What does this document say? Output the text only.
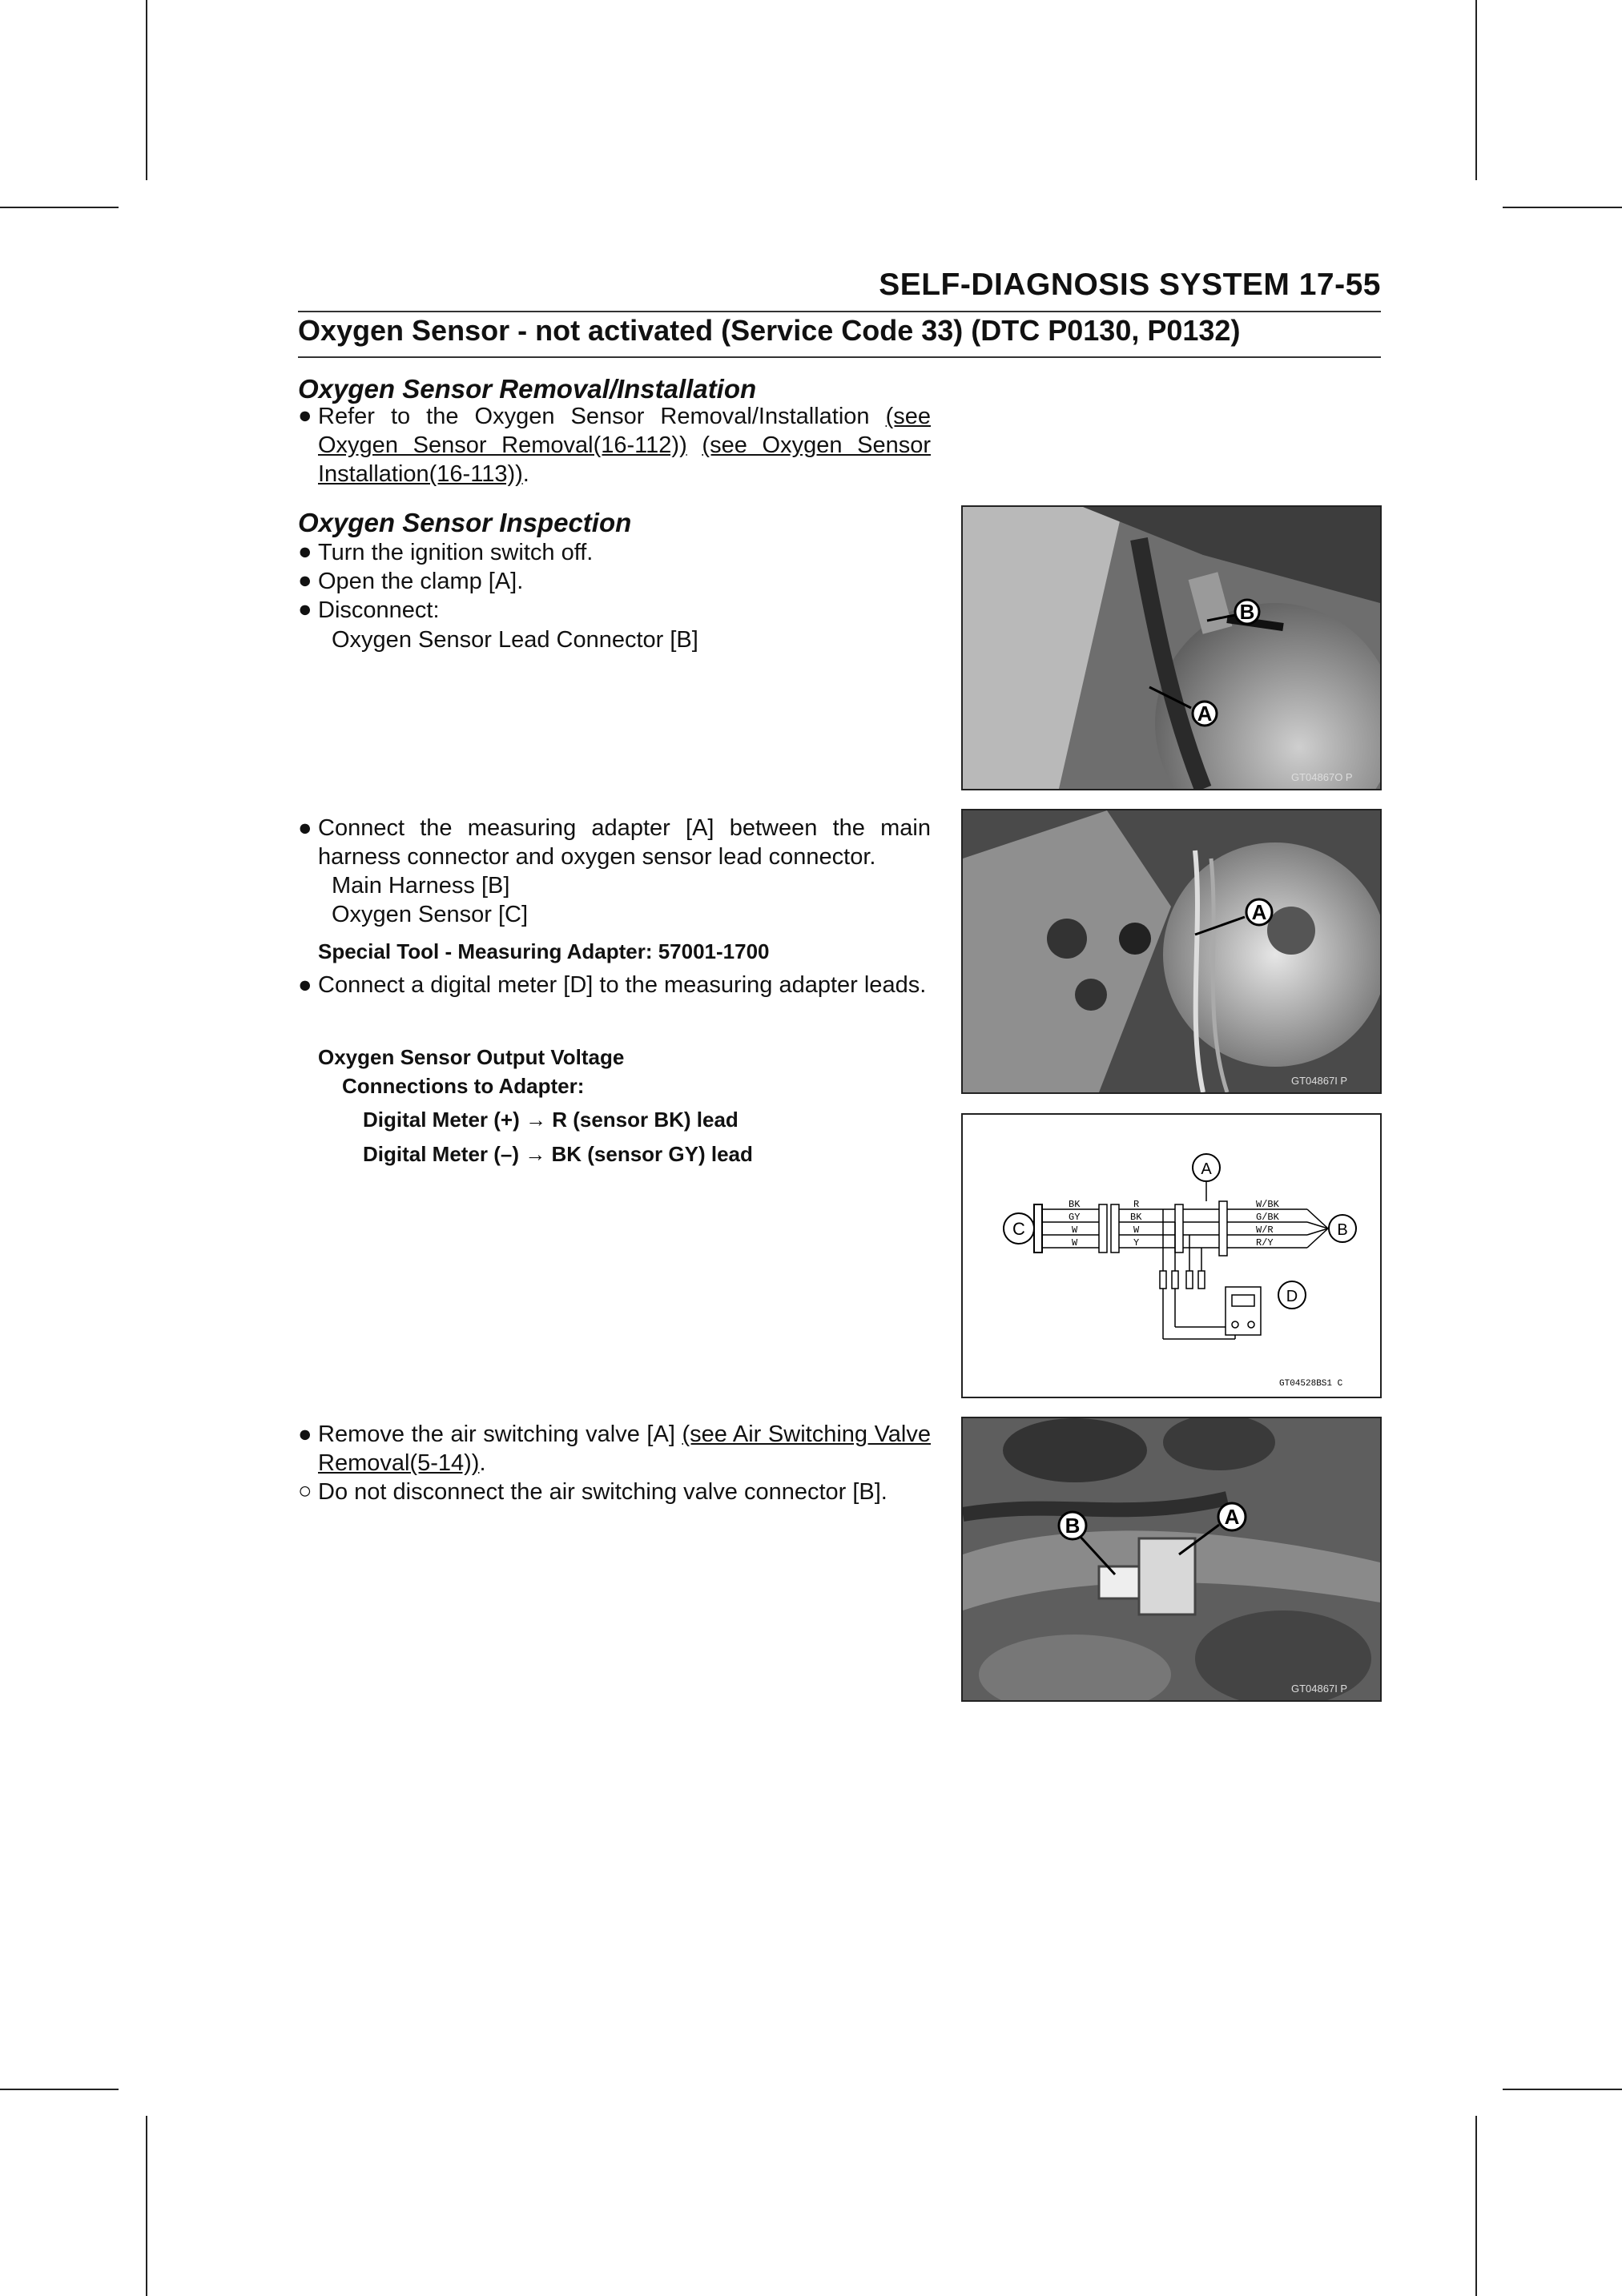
SELF-DIAGNOSIS SYSTEM 17-55
Oxygen Sensor - not activated (Service Code 33) (DTC P0130, P0132)
Oxygen Sensor Removal/Installation
● Refer to the Oxygen Sensor Removal/Installation (see Oxygen Sensor Removal(16-112)) (see Oxygen Sensor Installation(16-113)).
Oxygen Sensor Inspection
● Turn the ignition switch off.
● Open the clamp [A].
● Disconnect:
Oxygen Sensor Lead Connector [B]
● Connect the measuring adapter [A] between the main harness connector and oxygen sensor lead connector.
Main Harness [B]
Oxygen Sensor [C]
Special Tool - Measuring Adapter: 57001-1700
● Connect a digital meter [D] to the measuring adapter leads.
Oxygen Sensor Output Voltage
Connections to Adapter:
Digital Meter (+) → R (sensor BK) lead
Digital Meter (–) → BK (sensor GY) lead
● Remove the air switching valve [A] (see Air Switching Valve Removal(5-14)).
○ Do not disconnect the air switching valve connector [B].
B
A
GT04867O P
A
GT04867I P
C
BK
GY
W
W
R
BK
W
Y
W/BK
G/BK
W/R
R/Y
A
B
D
GT04528BS1 C
B	A
GT04867I P
